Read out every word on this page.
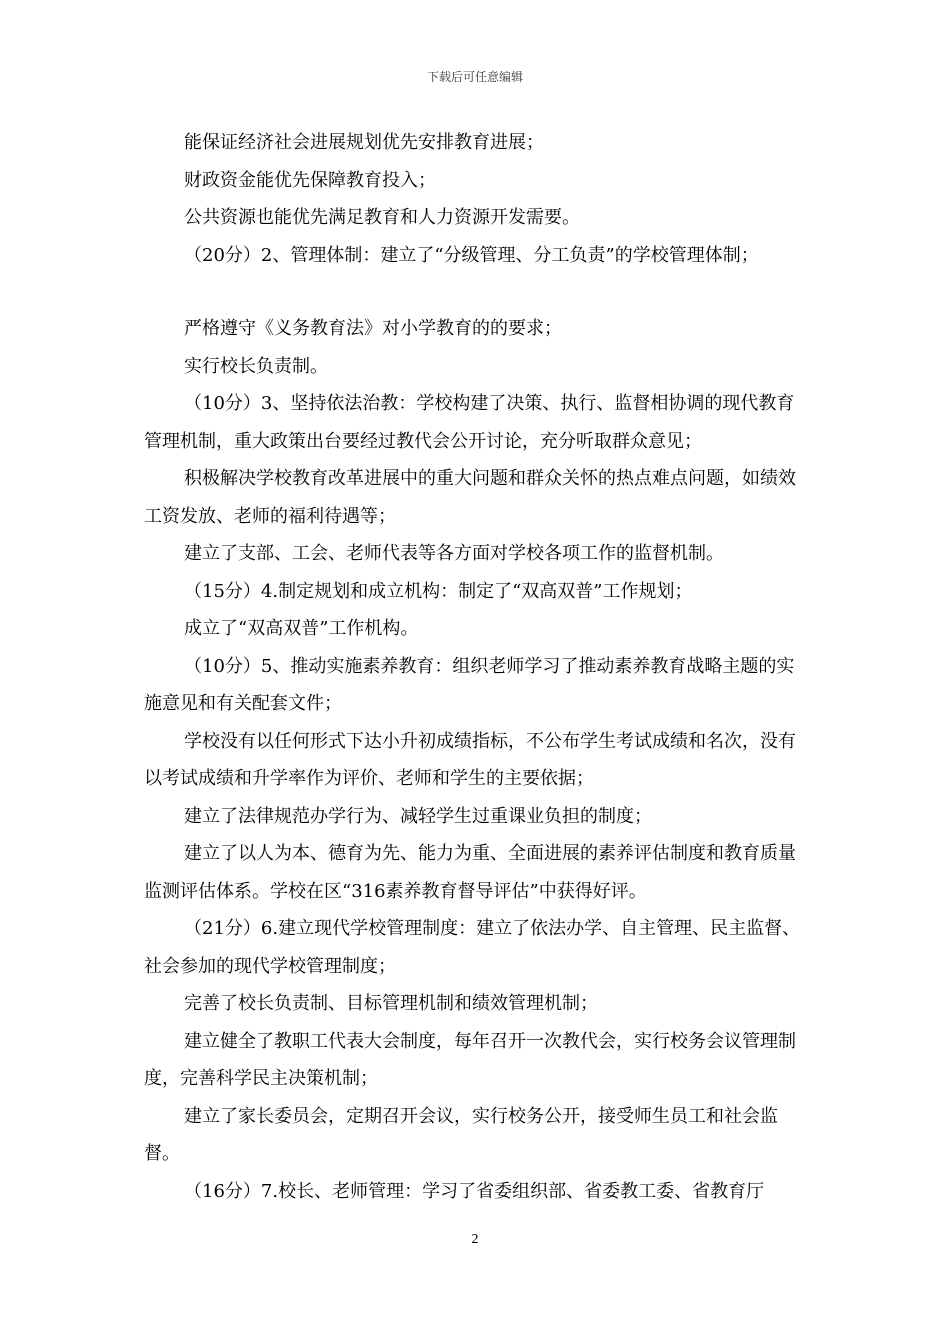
下载后可任意编辑

能保证经济社会进展规划优先安排教育进展；

财政资金能优先保障教育投入；

公共资源也能优先满足教育和人力资源开发需要。

（20分）2、管理体制：建立了“分级管理、分工负责”的学校管理体制；

严格遵守《义务教育法》对小学教育的的要求；

实行校长负责制。

（10分）3、坚持依法治教：学校构建了决策、执行、监督相协调的现代教育管理机制，重大政策出台要经过教代会公开讨论，充分听取群众意见；

积极解决学校教育改革进展中的重大问题和群众关怀的热点难点问题，如绩效工资发放、老师的福利待遇等；

建立了支部、工会、老师代表等各方面对学校各项工作的监督机制。

（15分）4.制定规划和成立机构：制定了“双高双普”工作规划；

成立了“双高双普”工作机构。

（10分）5、推动实施素养教育：组织老师学习了推动素养教育战略主题的实施意见和有关配套文件；

学校没有以任何形式下达小升初成绩指标，不公布学生考试成绩和名次，没有以考试成绩和升学率作为评价、老师和学生的主要依据；

建立了法律规范办学行为、减轻学生过重课业负担的制度；

建立了以人为本、德育为先、能力为重、全面进展的素养评估制度和教育质量监测评估体系。学校在区“316素养教育督导评估”中获得好评。

（21分）6.建立现代学校管理制度：建立了依法办学、自主管理、民主监督、社会参加的现代学校管理制度；

完善了校长负责制、目标管理机制和绩效管理机制；

建立健全了教职工代表大会制度，每年召开一次教代会，实行校务会议管理制度，完善科学民主决策机制；

建立了家长委员会，定期召开会议，实行校务公开，接受师生员工和社会监督。

（16分）7.校长、老师管理：学习了省委组织部、省委教工委、省教育厅

2
